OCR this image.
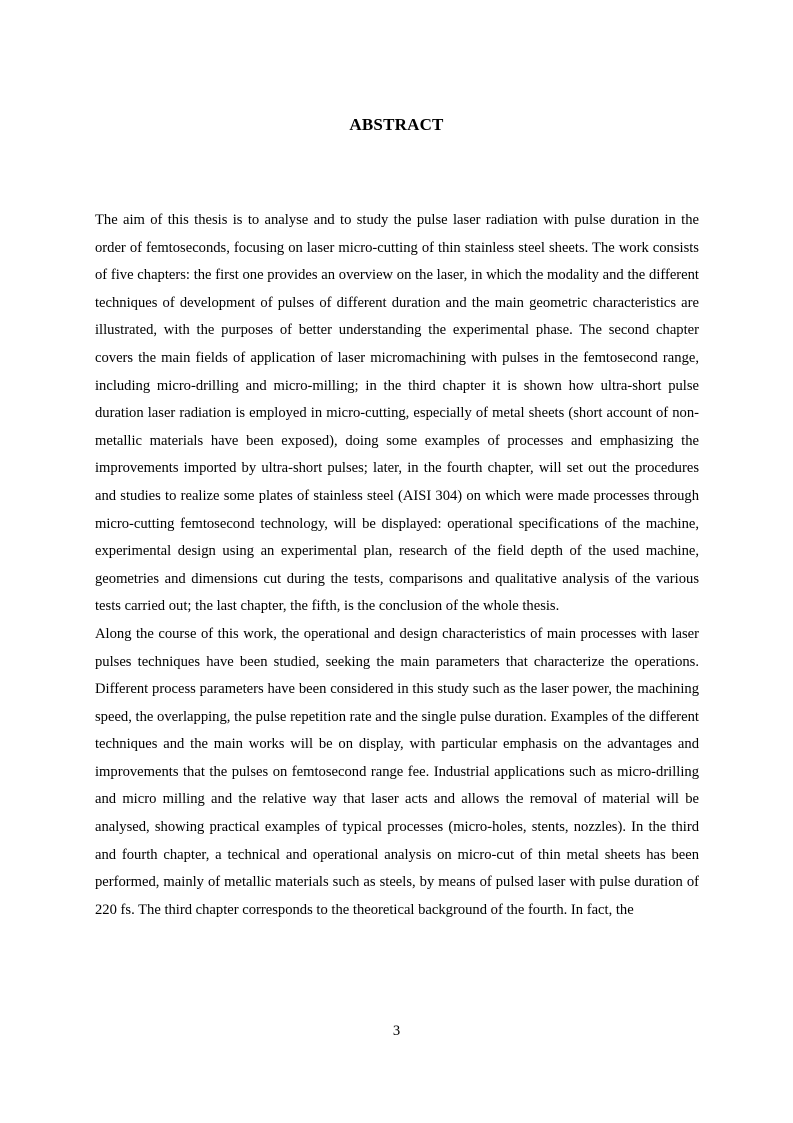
ABSTRACT

The aim of this thesis is to analyse and to study the pulse laser radiation with pulse duration in the order of femtoseconds, focusing on laser micro-cutting of thin stainless steel sheets. The work consists of five chapters: the first one provides an overview on the laser, in which the modality and the different techniques of development of pulses of different duration and the main geometric characteristics are illustrated, with the purposes of better understanding the experimental phase. The second chapter covers the main fields of application of laser micromachining with pulses in the femtosecond range, including micro-drilling and micro-milling; in the third chapter it is shown how ultra-short pulse duration laser radiation is employed in micro-cutting, especially of metal sheets (short account of non-metallic materials have been exposed), doing some examples of processes and emphasizing the improvements imported by ultra-short pulses; later, in the fourth chapter, will set out the procedures and studies to realize some plates of stainless steel (AISI 304) on which were made processes through micro-cutting femtosecond technology, will be displayed: operational specifications of the machine, experimental design using an experimental plan, research of the field depth of the used machine, geometries and dimensions cut during the tests, comparisons and qualitative analysis of the various tests carried out; the last chapter, the fifth, is the conclusion of the whole thesis.

Along the course of this work, the operational and design characteristics of main processes with laser pulses techniques have been studied, seeking the main parameters that characterize the operations. Different process parameters have been considered in this study such as the laser power, the machining speed, the overlapping, the pulse repetition rate and the single pulse duration. Examples of the different techniques and the main works will be on display, with particular emphasis on the advantages and improvements that the pulses on femtosecond range fee. Industrial applications such as micro-drilling and micro milling and the relative way that laser acts and allows the removal of material will be analysed, showing practical examples of typical processes (micro-holes, stents, nozzles). In the third and fourth chapter, a technical and operational analysis on micro-cut of thin metal sheets has been performed, mainly of metallic materials such as steels, by means of pulsed laser with pulse duration of 220 fs. The third chapter corresponds to the theoretical background of the fourth. In fact, the

3
